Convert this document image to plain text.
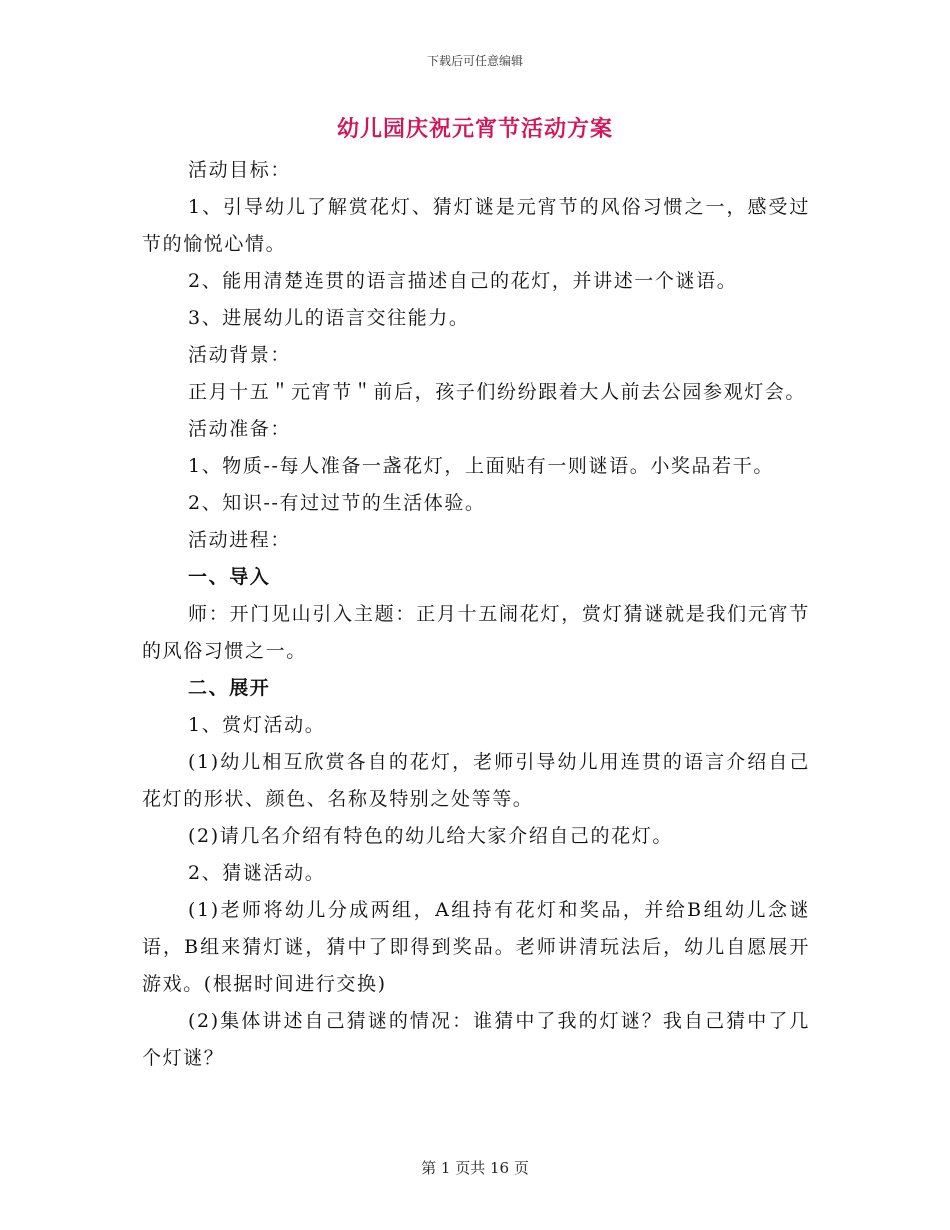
下载后可任意编辑
幼儿园庆祝元宵节活动方案

活动目标：

1、引导幼儿了解赏花灯、猜灯谜是元宵节的风俗习惯之一，感受过节的愉悦心情。

2、能用清楚连贯的语言描述自己的花灯，并讲述一个谜语。

3、进展幼儿的语言交往能力。

活动背景：

正月十五＂元宵节＂前后，孩子们纷纷跟着大人前去公园参观灯会。

活动准备：

1、物质--每人准备一盏花灯，上面贴有一则谜语。小奖品若干。

2、知识--有过过节的生活体验。

活动进程：

一、导入

师：开门见山引入主题：正月十五闹花灯，赏灯猜谜就是我们元宵节的风俗习惯之一。

二、展开

1、赏灯活动。

(1)幼儿相互欣赏各自的花灯，老师引导幼儿用连贯的语言介绍自己花灯的形状、颜色、名称及特别之处等等。

(2)请几名介绍有特色的幼儿给大家介绍自己的花灯。

2、猜谜活动。

(1)老师将幼儿分成两组，A组持有花灯和奖品，并给B组幼儿念谜语，B组来猜灯谜，猜中了即得到奖品。老师讲清玩法后，幼儿自愿展开游戏。(根据时间进行交换)

(2)集体讲述自己猜谜的情况：谁猜中了我的灯谜？我自己猜中了几个灯谜？

第 1 页共 16 页
